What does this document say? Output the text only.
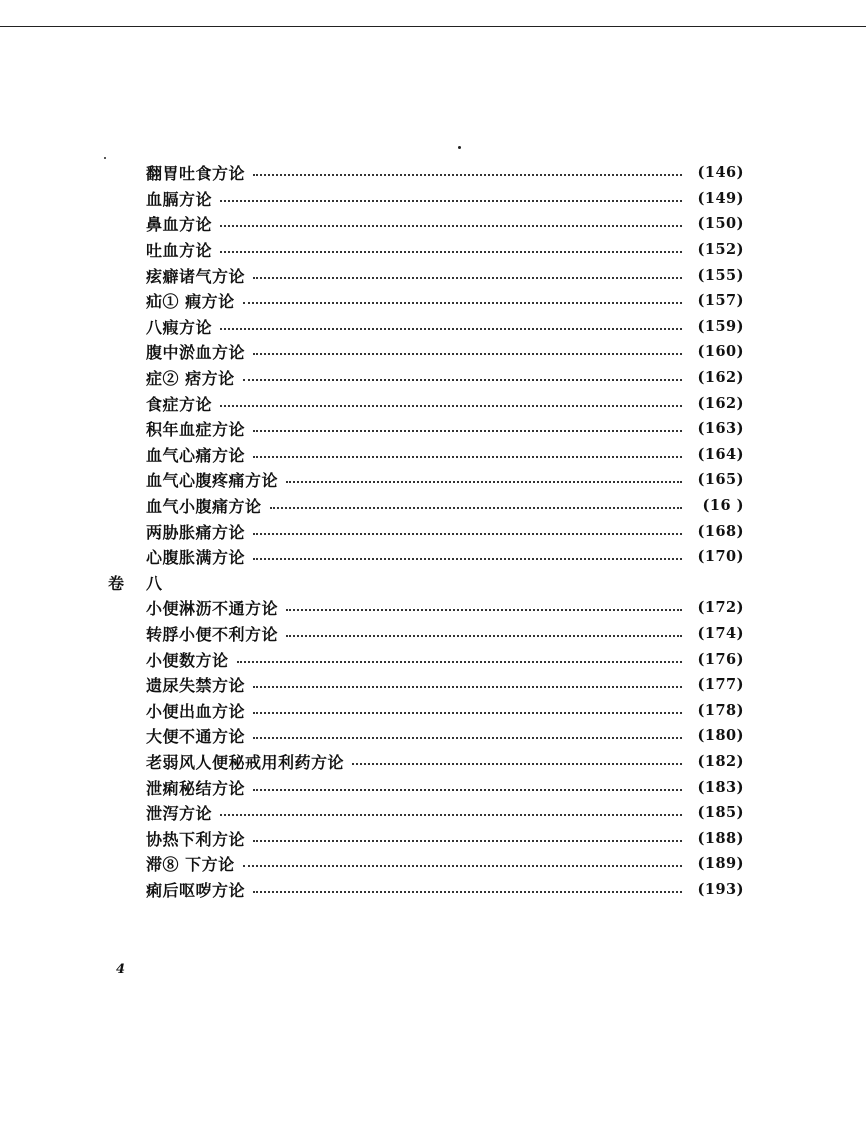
翻胃吐食方论	(146)
血膈方论	(149)
鼻血方论	(150)
吐血方论	(152)
痃癖诸气方论	(155)
疝① 瘕方论	(157)
八瘕方论	(159)
腹中淤血方论	(160)
症② 痞方论	(162)
食症方论	(162)
积年血症方论	(163)
血气心痛方论	(164)
血气心腹疼痛方论	(165)
血气小腹痛方论	(16 )
两胁胀痛方论	(168)
心腹胀满方论	(170)
卷	八
小便淋沥不通方论	(172)
转脬小便不利方论	(174)
小便数方论	(176)
遗尿失禁方论	(177)
小便出血方论	(178)
大便不通方论	(180)
老弱风人便秘戒用利药方论	(182)
泄痢秘结方论	(183)
泄泻方论	(185)
协热下利方论	(188)
滞⑧ 下方论	(189)
痢后呕哕方论	(193)
4
